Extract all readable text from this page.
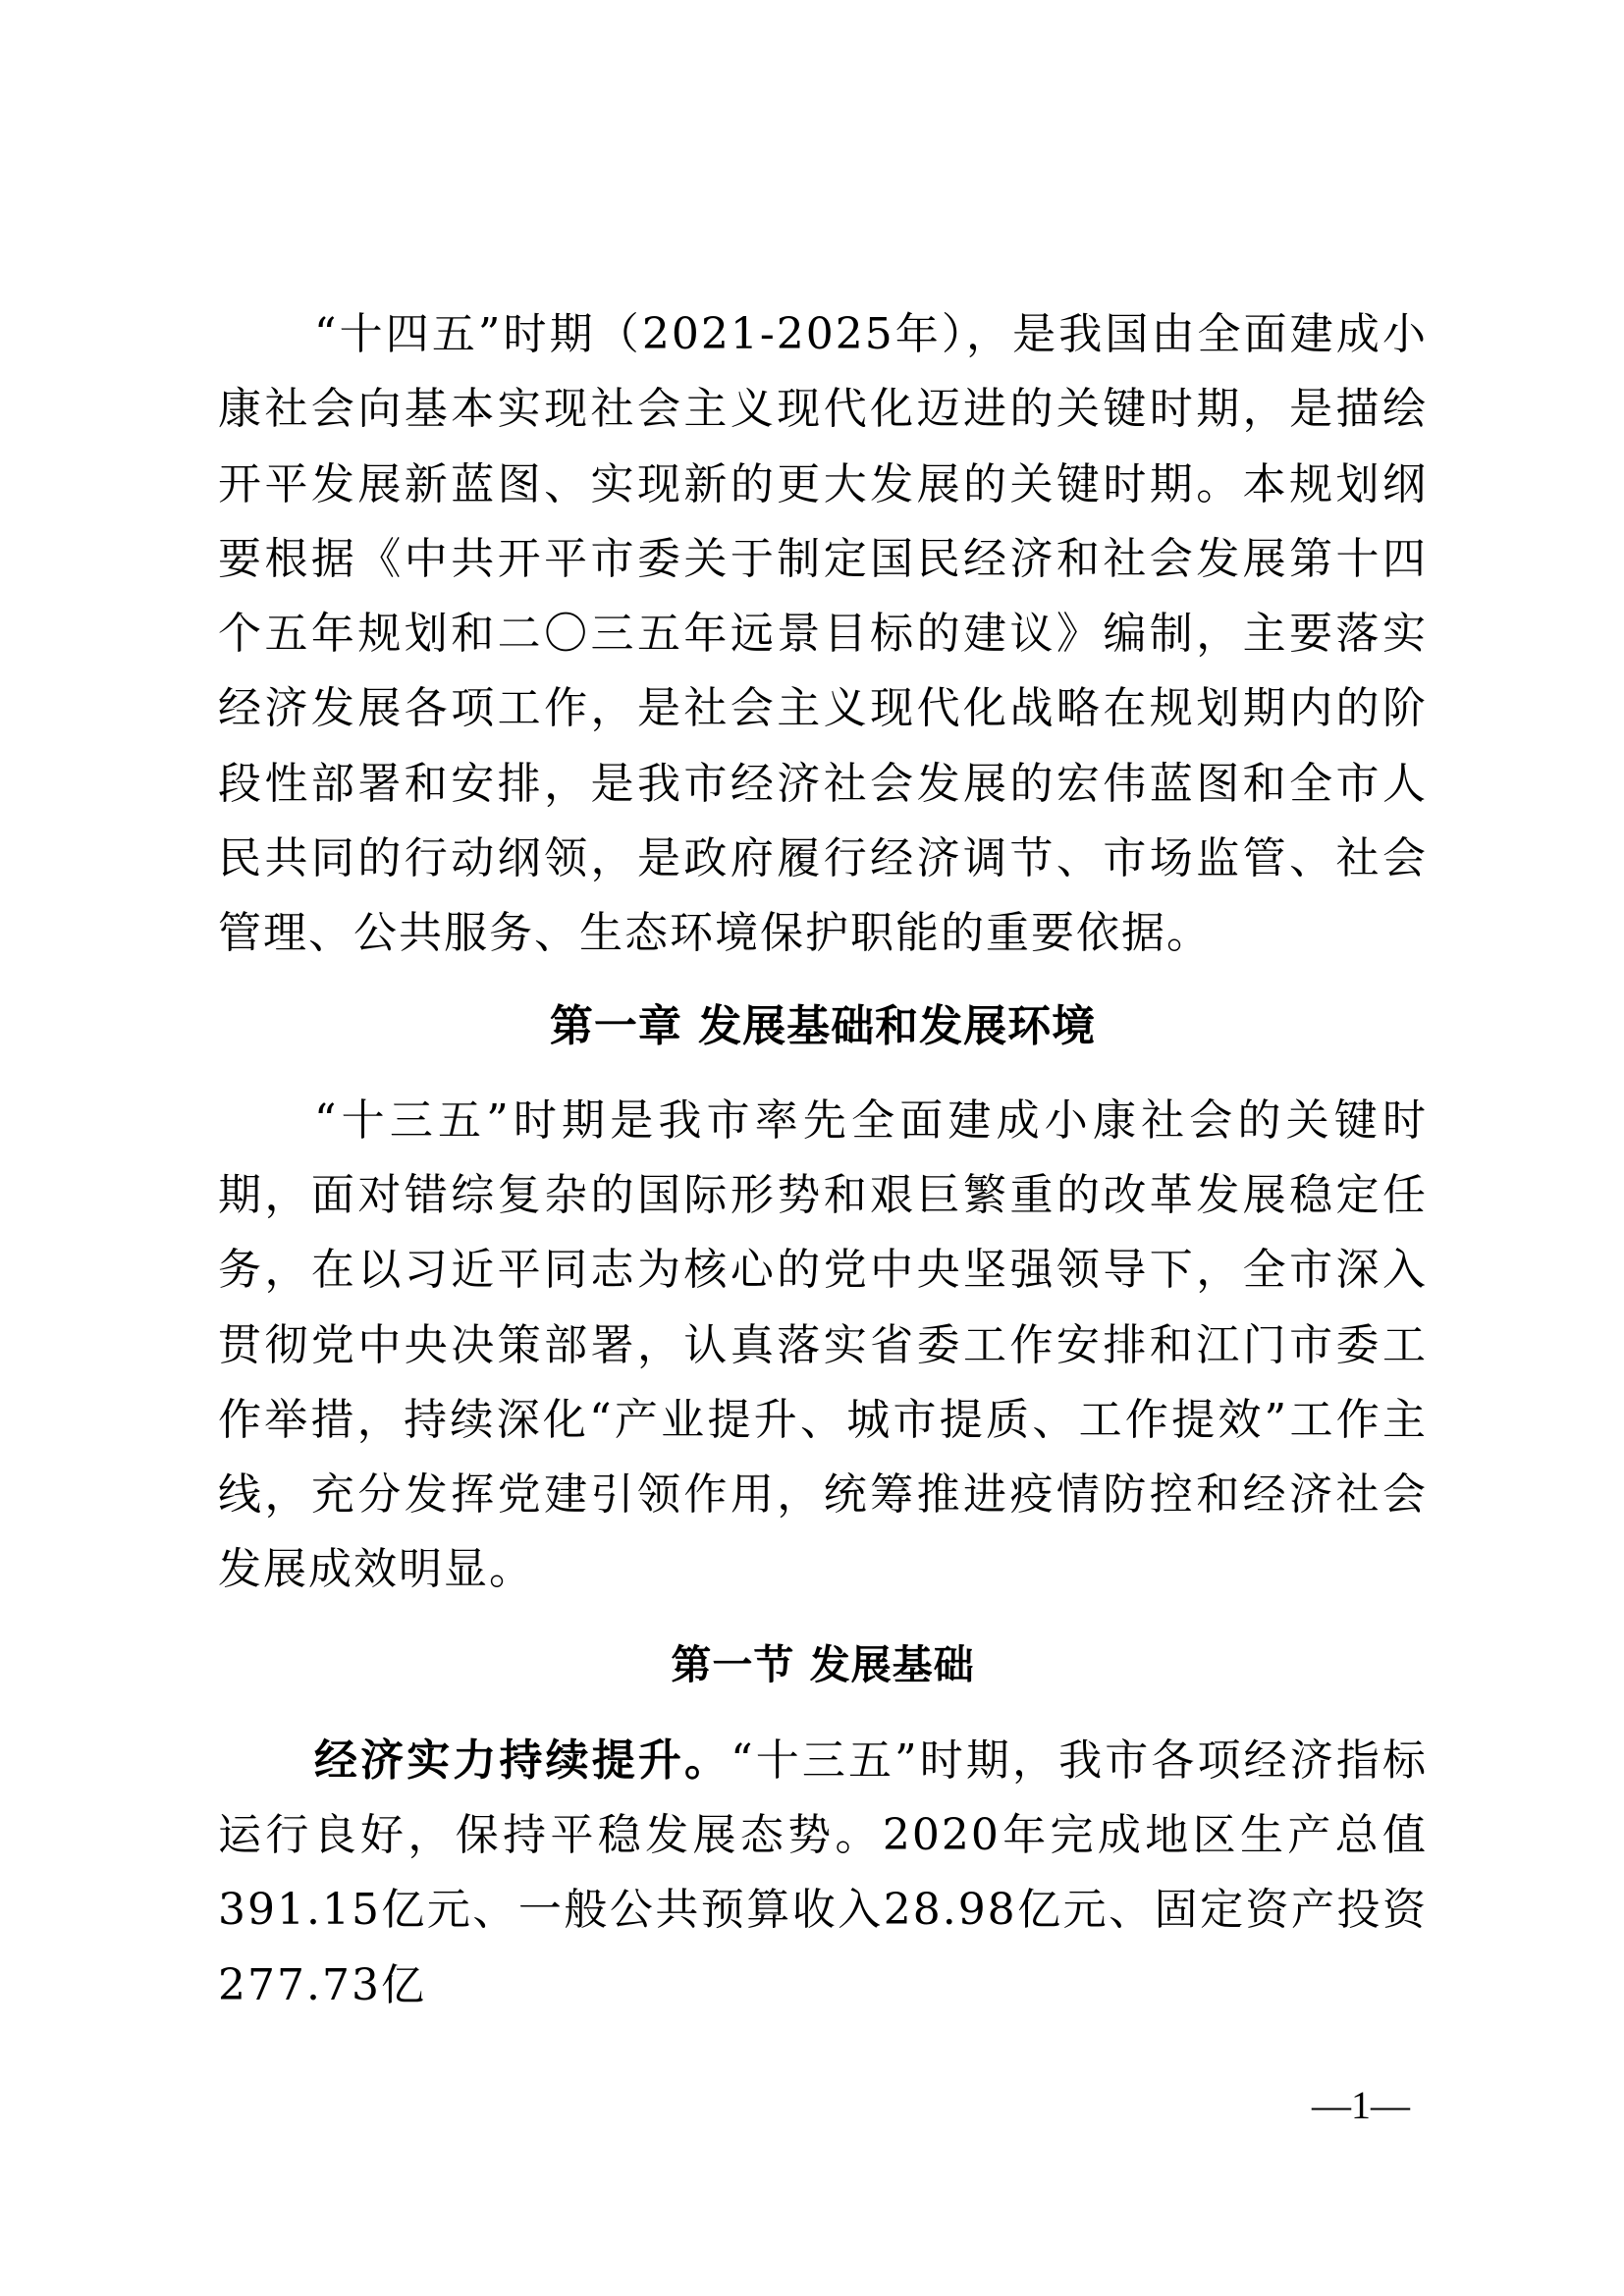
“十四五”时期（2021-2025年），是我国由全面建成小康社会向基本实现社会主义现代化迈进的关键时期，是描绘开平发展新蓝图、实现新的更大发展的关键时期。本规划纲要根据《中共开平市委关于制定国民经济和社会发展第十四个五年规划和二〇三五年远景目标的建议》编制，主要落实经济发展各项工作，是社会主义现代化战略在规划期内的阶段性部署和安排，是我市经济社会发展的宏伟蓝图和全市人民共同的行动纲领，是政府履行经济调节、市场监管、社会管理、公共服务、生态环境保护职能的重要依据。

第一章 发展基础和发展环境

“十三五”时期是我市率先全面建成小康社会的关键时期，面对错综复杂的国际形势和艰巨繁重的改革发展稳定任务，在以习近平同志为核心的党中央坚强领导下，全市深入贯彻党中央决策部署，认真落实省委工作安排和江门市委工作举措，持续深化“产业提升、城市提质、工作提效”工作主线，充分发挥党建引领作用，统筹推进疫情防控和经济社会发展成效明显。

第一节 发展基础

经济实力持续提升。“十三五”时期，我市各项经济指标运行良好，保持平稳发展态势。2020年完成地区生产总值391.15亿元、一般公共预算收入28.98亿元、固定资产投资277.73亿

—1—
